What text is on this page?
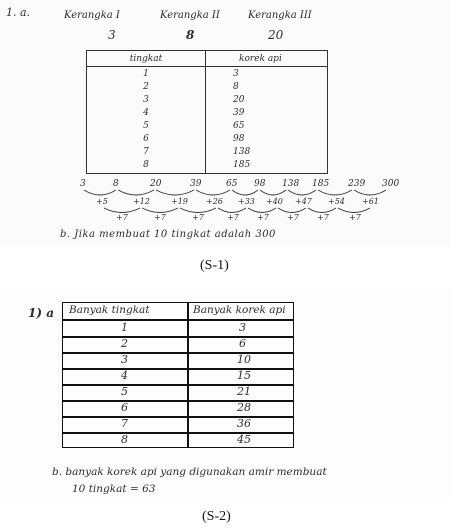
1. a.	Kerangka I	Kerangka II	Kerangka III
3	8	20
tingkat	korek api
1	3
2	8
3	20
4	39
5	65
6	98
7	138
8	185
3	8	20	39	65 98 138 185 239 300
+5	+12	+19 +26 +33 +40 +47 +54 +61
+7	+7	+7	+7 +7 +7 +7	+7
b. Jika membuat 10 tingkat adalah 300
(S-1)
1) a Banyak tingkat	Banyak korek api
1	3
2	6
3	10
4	15
5	21
6	28
7	36
8	45
b. banyak korek api yang digunakan amir membuat
10 tingkat = 63
(S-2)
